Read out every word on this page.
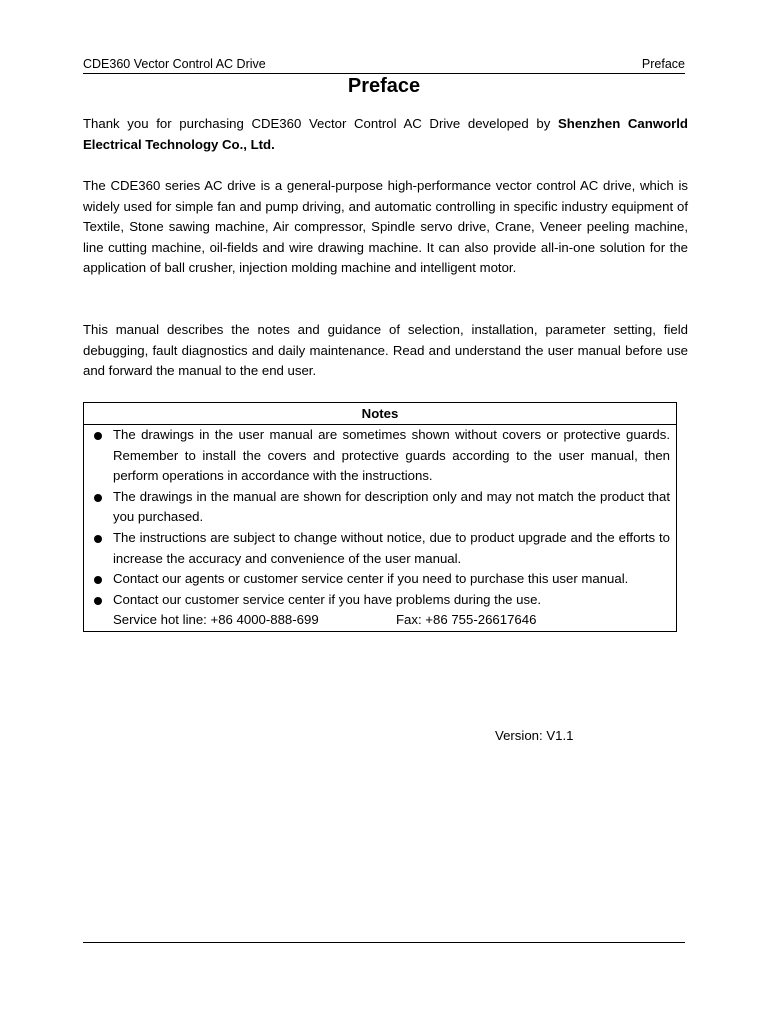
CDE360 Vector Control AC Drive	Preface
Preface

Thank you for purchasing CDE360 Vector Control AC Drive developed by Shenzhen Canworld Electrical Technology Co., Ltd.

The CDE360 series AC drive is a general-purpose high-performance vector control AC drive, which is widely used for simple fan and pump driving, and automatic controlling in specific industry equipment of Textile, Stone sawing machine, Air compressor, Spindle servo drive, Crane, Veneer peeling machine, line cutting machine, oil-fields and wire drawing machine. It can also provide all-in-one solution for the application of ball crusher, injection molding machine and intelligent motor.

This manual describes the notes and guidance of selection, installation, parameter setting, field debugging, fault diagnostics and daily maintenance. Read and understand the user manual before use and forward the manual to the end user.

Notes
The drawings in the user manual are sometimes shown without covers or protective guards. Remember to install the covers and protective guards according to the user manual, then perform operations in accordance with the instructions.
The drawings in the manual are shown for description only and may not match the product that you purchased.
The instructions are subject to change without notice, due to product upgrade and the efforts to increase the accuracy and convenience of the user manual.
Contact our agents or customer service center if you need to purchase this user manual.
Contact our customer service center if you have problems during the use.
Service hot line: +86 4000-888-699	Fax: +86 755-26617646
Version: V1.1
